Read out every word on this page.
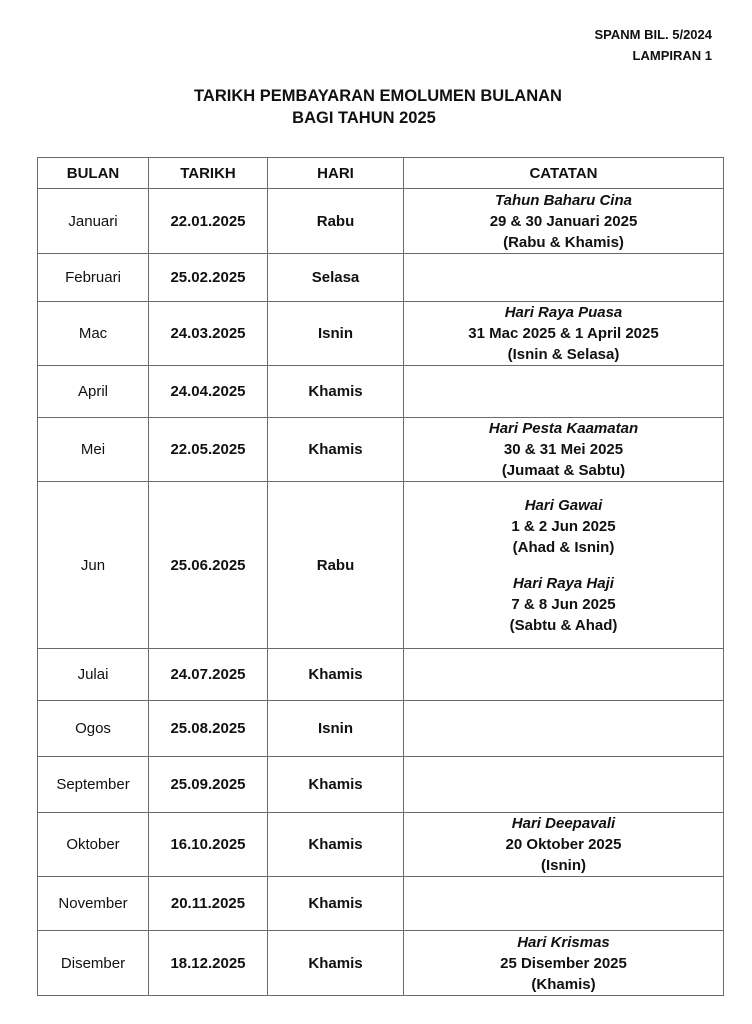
SPANM BIL. 5/2024
LAMPIRAN 1
TARIKH PEMBAYARAN EMOLUMEN BULANAN
BAGI TAHUN 2025
BULAN	TARIKH	HARI	CATATAN
Januari	22.01.2025	Rabu	Tahun Baharu Cina
29 & 30 Januari 2025
(Rabu & Khamis)

Februari	25.02.2025	Selasa	
Mac	24.03.2025	Isnin	Hari Raya Puasa
31 Mac 2025 & 1 April 2025
(Isnin & Selasa)

April	24.04.2025	Khamis	
Mei	22.05.2025	Khamis	Hari Pesta Kaamatan
30 & 31 Mei 2025
(Jumaat & Sabtu)

Jun	25.06.2025	Rabu	
Hari Gawai
1 & 2 Jun 2025
(Ahad & Isnin)
Hari Raya Haji
7 & 8 Jun 2025
(Sabtu & Ahad)

Julai	24.07.2025	Khamis	
Ogos	25.08.2025	Isnin	
September	25.09.2025	Khamis	
Oktober	16.10.2025	Khamis	Hari Deepavali
20 Oktober 2025
(Isnin)

November	20.11.2025	Khamis	
Disember	18.12.2025	Khamis	Hari Krismas
25 Disember 2025
(Khamis)
